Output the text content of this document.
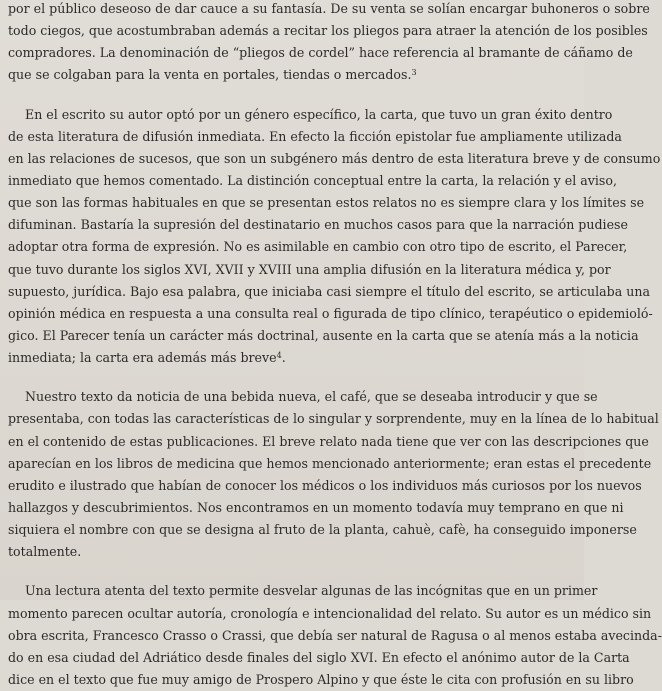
por el público deseoso de dar cauce a su fantasía. De su venta se solían encargar buhoneros o sobre
todo ciegos, que acostumbraban además a recitar los pliegos para atraer la atención de los posibles
compradores. La denominación de “pliegos de cordel” hace referencia al bramante de cáñamo de
que se colgaban para la venta en portales, tiendas o mercados.$^3$
En el escrito su autor optó por un género específico, la carta, que tuvo un gran éxito dentro
de esta literatura de difusión inmediata. En efecto la ficción epistolar fue ampliamente utilizada
en las relaciones de sucesos, que son un subgénero más dentro de esta literatura breve y de consumo
inmediato que hemos comentado. La distinción conceptual entre la carta, la relación y el aviso,
que son las formas habituales en que se presentan estos relatos no es siempre clara y los límites se
difuminan. Bastaría la supresión del destinatario en muchos casos para que la narración pudiese
adoptar otra forma de expresión. No es asimilable en cambio con otro tipo de escrito, el Parecer,
que tuvo durante los siglos XVI, XVII y XVIII una amplia difusión en la literatura médica y, por
supuesto, jurídica. Bajo esa palabra, que iniciaba casi siempre el título del escrito, se articulaba una
opinión médica en respuesta a una consulta real o figurada de tipo clínico, terapéutico o epidemioló-
gico. El Parecer tenía un carácter más doctrinal, ausente en la carta que se atenía más a la noticia
inmediata; la carta era además más breve$^4$.
Nuestro texto da noticia de una bebida nueva, el café, que se deseaba introducir y que se
presentaba, con todas las características de lo singular y sorprendente, muy en la línea de lo habitual
en el contenido de estas publicaciones. El breve relato nada tiene que ver con las descripciones que
aparecían en los libros de medicina que hemos mencionado anteriormente; eran estas el precedente
erudito e ilustrado que habían de conocer los médicos o los individuos más curiosos por los nuevos
hallazgos y descubrimientos. Nos encontramos en un momento todavía muy temprano en que ni
siquiera el nombre con que se designa al fruto de la planta, cahuè, cafè, ha conseguido imponerse
totalmente.
Una lectura atenta del texto permite desvelar algunas de las incógnitas que en un primer
momento parecen ocultar autoría, cronología e intencionalidad del relato. Su autor es un médico sin
obra escrita, Francesco Crasso o Crassi, que debía ser natural de Ragusa o al menos estaba avecinda-
do en esa ciudad del Adriático desde finales del siglo XVI. En efecto el anónimo autor de la Carta
dice en el texto que fue muy amigo de Prospero Alpino y que éste le cita con profusión en su libro
